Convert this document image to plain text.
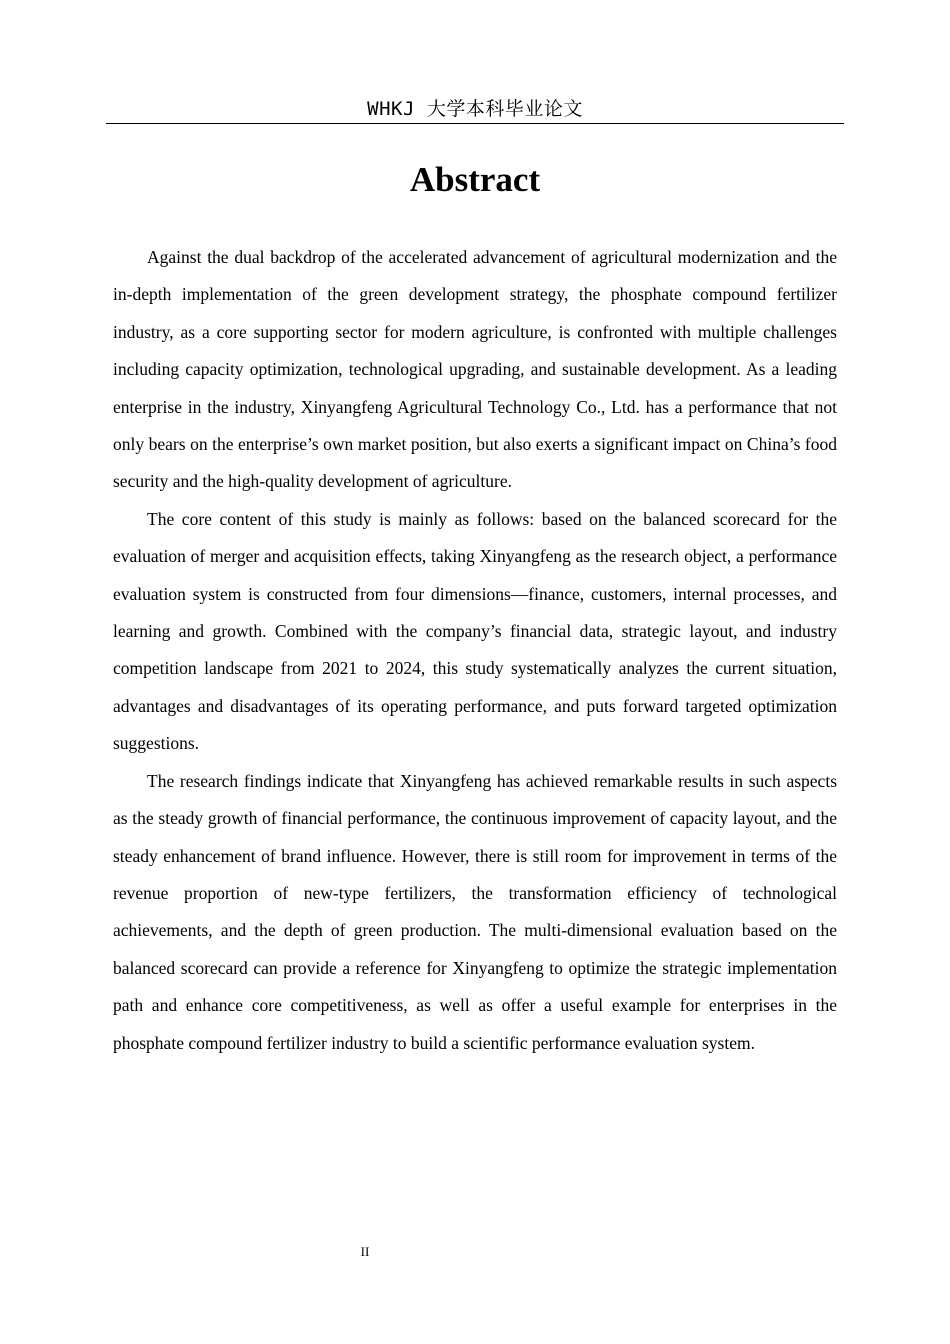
WHKJ 大学本科毕业论文
Abstract

Against the dual backdrop of the accelerated advancement of agricultural modernization and the in-depth implementation of the green development strategy, the phosphate compound fertilizer industry, as a core supporting sector for modern agriculture, is confronted with multiple challenges including capacity optimization, technological upgrading, and sustainable development. As a leading enterprise in the industry, Xinyangfeng Agricultural Technology Co., Ltd. has a performance that not only bears on the enterprise’s own market position, but also exerts a significant impact on China’s food security and the high-quality development of agriculture.

The core content of this study is mainly as follows: based on the balanced scorecard for the evaluation of merger and acquisition effects, taking Xinyangfeng as the research object, a performance evaluation system is constructed from four dimensions—finance, customers, internal processes, and learning and growth. Combined with the company’s financial data, strategic layout, and industry competition landscape from 2021 to 2024, this study systematically analyzes the current situation, advantages and disadvantages of its operating performance, and puts forward targeted optimization suggestions.

The research findings indicate that Xinyangfeng has achieved remarkable results in such aspects as the steady growth of financial performance, the continuous improvement of capacity layout, and the steady enhancement of brand influence. However, there is still room for improvement in terms of the revenue proportion of new-type fertilizers, the transformation efficiency of technological achievements, and the depth of green production. The multi-dimensional evaluation based on the balanced scorecard can provide a reference for Xinyangfeng to optimize the strategic implementation path and enhance core competitiveness, as well as offer a useful example for enterprises in the phosphate compound fertilizer industry to build a scientific performance evaluation system.

II
